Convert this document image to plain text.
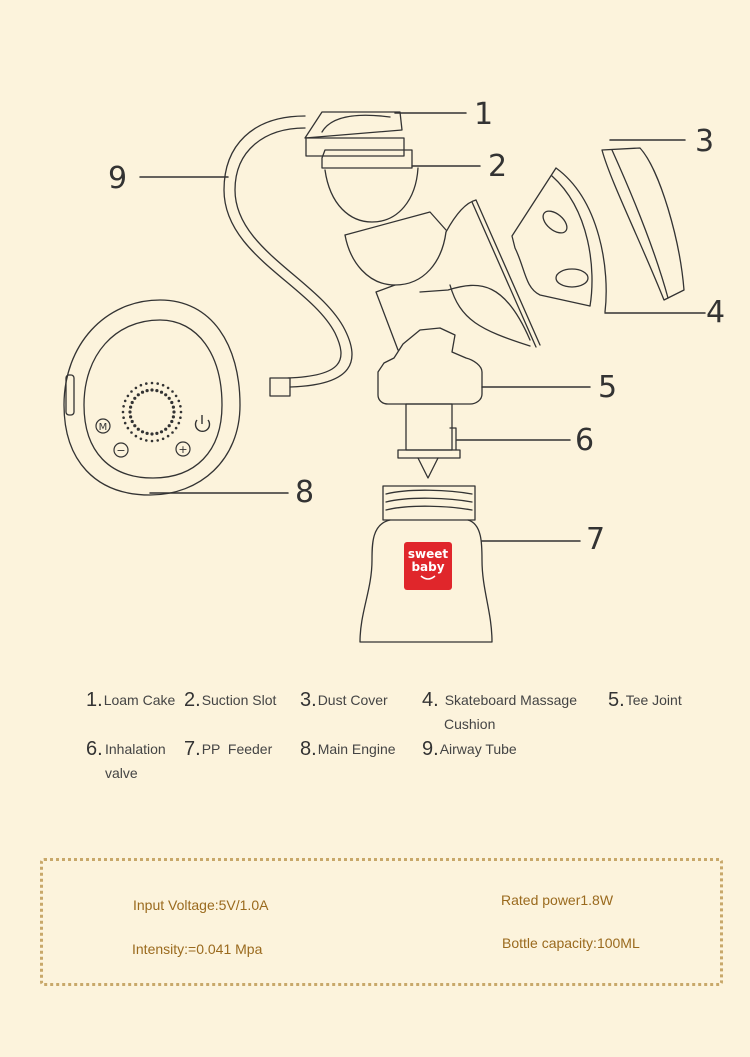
M
−	+
sweet
baby
1
2
3
4
5
6
7
8
9
1.Loam Cake 2.Suction Slot 3.Dust Cover 4. Skateboard Massage Cushion
5.Tee Joint
6. Inhalation valve
7.PP  Feeder 8.Main Engine 9.Airway Tube
Input Voltage:5V/1.0A	Rated power1.8W
Intensity:=0.041 Mpa	Bottle capacity:100ML
